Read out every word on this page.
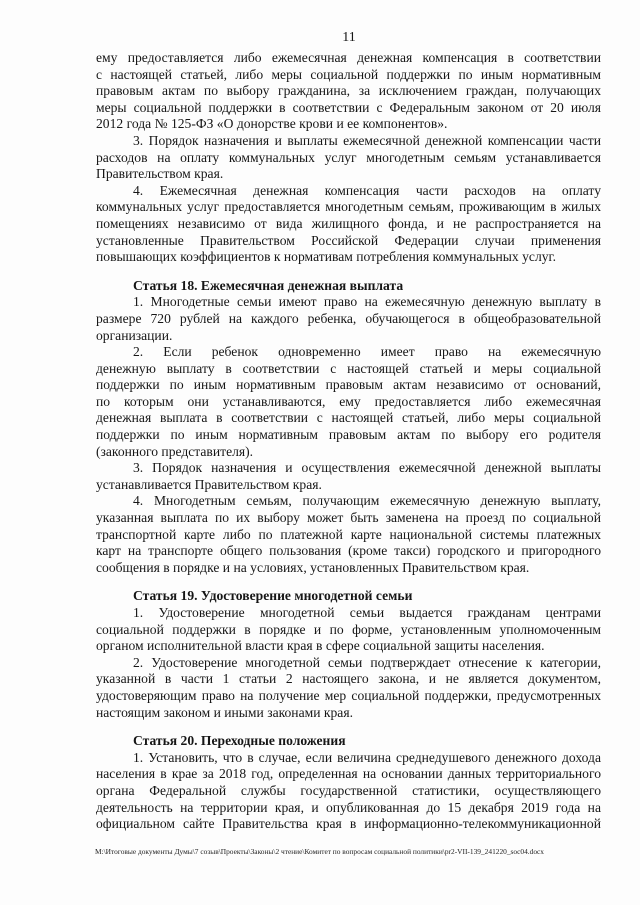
11
ему предоставляется либо ежемесячная денежная компенсация в соответствии
с настоящей статьей, либо меры социальной поддержки по иным нормативным
правовым актам по выбору гражданина, за исключением граждан, получающих
меры социальной поддержки в соответствии с Федеральным законом от 20 июля
2012 года № 125-ФЗ «О донорстве крови и ее компонентов».
3. Порядок назначения и выплаты ежемесячной денежной компенсации части
расходов на оплату коммунальных услуг многодетным семьям устанавливается
Правительством края.
4. Ежемесячная денежная компенсация части расходов на оплату
коммунальных услуг предоставляется многодетным семьям, проживающим в жилых
помещениях независимо от вида жилищного фонда, и не распространяется на
установленные Правительством Российской Федерации случаи применения
повышающих коэффициентов к нормативам потребления коммунальных услуг.
Статья 18. Ежемесячная денежная выплата
1. Многодетные семьи имеют право на ежемесячную денежную выплату в
размере 720 рублей на каждого ребенка, обучающегося в общеобразовательной
организации.
2. Если ребенок одновременно имеет право на ежемесячную
денежную выплату в соответствии с настоящей статьей и меры социальной
поддержки по иным нормативным правовым актам независимо от оснований,
по которым они устанавливаются, ему предоставляется либо ежемесячная
денежная выплата в соответствии с настоящей статьей, либо меры социальной
поддержки по иным нормативным правовым актам по выбору его родителя
(законного представителя).
3. Порядок назначения и осуществления ежемесячной денежной выплаты
устанавливается Правительством края.
4. Многодетным семьям, получающим ежемесячную денежную выплату,
указанная выплата по их выбору может быть заменена на проезд по социальной
транспортной карте либо по платежной карте национальной системы платежных
карт на транспорте общего пользования (кроме такси) городского и пригородного
сообщения в порядке и на условиях, установленных Правительством края.
Статья 19. Удостоверение многодетной семьи
1. Удостоверение многодетной семьи выдается гражданам центрами
социальной поддержки в порядке и по форме, установленным уполномоченным
органом исполнительной власти края в сфере социальной защиты населения.
2. Удостоверение многодетной семьи подтверждает отнесение к категории,
указанной в части 1 статьи 2 настоящего закона, и не является документом,
удостоверяющим право на получение мер социальной поддержки, предусмотренных
настоящим законом и иными законами края.
Статья 20. Переходные положения
1. Установить, что в случае, если величина среднедушевого денежного дохода
населения в крае за 2018 год, определенная на основании данных территориального
органа Федеральной службы государственной статистики, осуществляющего
деятельность на территории края, и опубликованная до 15 декабря 2019 года на
официальном сайте Правительства края в информационно-телекоммуникационной
M:\Итоговые документы Думы\7 созыв\Проекты\Законы\2 чтение\Комитет по вопросам социальной политики\pr2-VII-139_241220_soc04.docx
